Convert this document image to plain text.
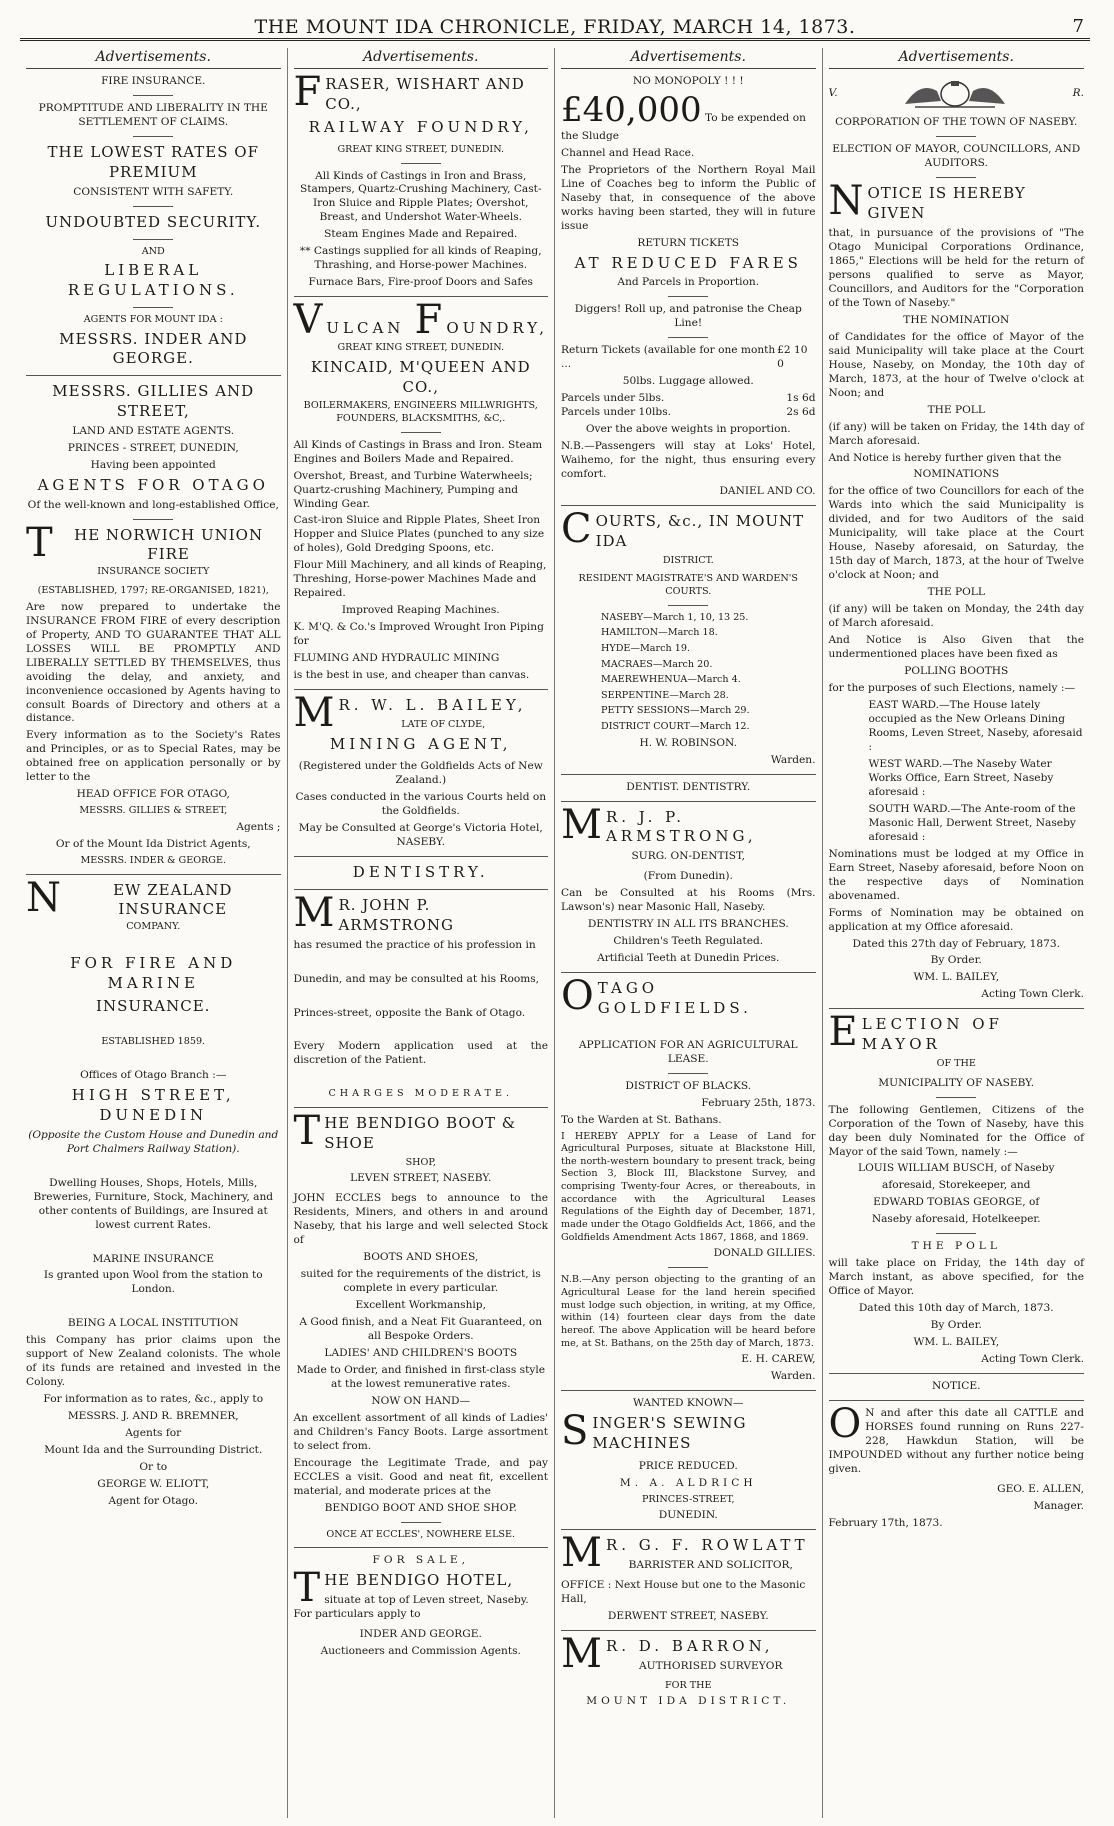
THE MOUNT IDA CHRONICLE, FRIDAY, MARCH 14, 1873.	7
Advertisements.

FIRE INSURANCE.

PROMPTITUDE AND LIBERALITY IN THE SETTLEMENT OF CLAIMS.

THE LOWEST RATES OF PREMIUM

CONSISTENT WITH SAFETY.

UNDOUBTED SECURITY.

AND

LIBERAL REGULATIONS.

AGENTS FOR MOUNT IDA :

MESSRS. INDER AND GEORGE.

MESSRS. GILLIES AND STREET,

LAND AND ESTATE AGENTS.

PRINCES - STREET, DUNEDIN,

Having been appointed

AGENTS FOR OTAGO

Of the well-known and long-established Office,

T HE NORWICH UNION FIRE
INSURANCE SOCIETY

(ESTABLISHED, 1797; RE-ORGANISED, 1821),

Are now prepared to undertake the INSURANCE FROM FIRE of every description of Property, AND TO GUARANTEE THAT ALL LOSSES WILL BE PROMPTLY AND LIBERALLY SETTLED BY THEMSELVES, thus avoiding the delay, and anxiety, and inconvenience occasioned by Agents having to consult Boards of Directory and others at a distance.

Every information as to the Society's Rates and Principles, or as to Special Rates, may be obtained free on application personally or by letter to the

HEAD OFFICE FOR OTAGO,

MESSRS. GILLIES & STREET,

Agents ;

Or of the Mount Ida District Agents,

MESSRS. INDER & GEORGE.

N	EW ZEALAND INSURANCE
COMPANY.

FOR FIRE AND MARINE

INSURANCE.

ESTABLISHED 1859.

Offices of Otago Branch :—

HIGH STREET, DUNEDIN

(Opposite the Custom House and Dunedin and Port Chalmers Railway Station).

Dwelling Houses, Shops, Hotels, Mills, Breweries, Furniture, Stock, Machinery, and other contents of Buildings, are Insured at lowest current Rates.

MARINE INSURANCE

Is granted upon Wool from the station to London.

BEING A LOCAL INSTITUTION

this Company has prior claims upon the support of New Zealand colonists. The whole of its funds are retained and invested in the Colony.

For information as to rates, &c., apply to

MESSRS. J. AND R. BREMNER,

Agents for

Mount Ida and the Surrounding District.

Or to

GEORGE W. ELIOTT,

Agent for Otago.

Advertisements.

FRASER, WISHART AND CO.,

RAILWAY FOUNDRY,

GREAT KING STREET, DUNEDIN.

All Kinds of Castings in Iron and Brass, Stampers, Quartz-Crushing Machinery, Cast-Iron Sluice and Ripple Plates; Overshot, Breast, and Undershot Water-Wheels.

Steam Engines Made and Repaired.

** Castings supplied for all kinds of Reaping, Thrashing, and Horse-power Machines.

Furnace Bars, Fire-proof Doors and Safes

VULCAN F OUNDRY,

GREAT KING STREET, DUNEDIN.

KINCAID, M'QUEEN AND CO.,

BOILERMAKERS, ENGINEERS MILLWRIGHTS, FOUNDERS, BLACKSMITHS, &C,.

All Kinds of Castings in Brass and Iron. Steam Engines and Boilers Made and Repaired.

Overshot, Breast, and Turbine Waterwheels; Quartz-crushing Machinery, Pumping and Winding Gear.

Cast-iron Sluice and Ripple Plates, Sheet Iron Hopper and Sluice Plates (punched to any size of holes), Gold Dredging Spoons, etc.

Flour Mill Machinery, and all kinds of Reaping, Threshing, Horse-power Machines Made and Repaired.

Improved Reaping Machines.

K. M'Q. & Co.'s Improved Wrought Iron Piping for

FLUMING AND HYDRAULIC MINING

is the best in use, and cheaper than canvas.

M R. W. L. BAILEY,

LATE OF CLYDE,

MINING AGENT,

(Registered under the Goldfields Acts of New Zealand.)

Cases conducted in the various Courts held on the Goldfields.

May be Consulted at George's Victoria Hotel, NASEBY.

DENTISTRY.

M R. JOHN P. ARMSTRONG

has resumed the practice of his profession in

Dunedin, and may be consulted at his Rooms,

Princes-street, opposite the Bank of Otago.

Every Modern application used at the discretion of the Patient.

CHARGES MODERATE.

THE BENDIGO BOOT & SHOE

SHOP,

LEVEN STREET, NASEBY.

JOHN ECCLES begs to announce to the Residents, Miners, and others in and around Naseby, that his large and well selected Stock of

BOOTS AND SHOES,

suited for the requirements of the district, is complete in every particular.

Excellent Workmanship,

A Good finish, and a Neat Fit Guaranteed, on all Bespoke Orders.

LADIES' AND CHILDREN'S BOOTS

Made to Order, and finished in first-class style at the lowest remunerative rates.

NOW ON HAND—

An excellent assortment of all kinds of Ladies' and Children's Fancy Boots. Large assortment to select from.

Encourage the Legitimate Trade, and pay ECCLES a visit. Good and neat fit, excellent material, and moderate prices at the

BENDIGO BOOT AND SHOE SHOP.

ONCE AT ECCLES', NOWHERE ELSE.

FOR SALE,

THE BENDIGO HOTEL,

situate at top of Leven street, Naseby. For particulars apply to

INDER AND GEORGE.

Auctioneers and Commission Agents.

Advertisements.

NO MONOPOLY ! ! !

£40,000 To be expended on the Sludge

Channel and Head Race.

The Proprietors of the Northern Royal Mail Line of Coaches beg to inform the Public of Naseby that, in consequence of the above works having been started, they will in future issue

RETURN TICKETS

AT REDUCED FARES

And Parcels in Proportion.

Diggers! Roll up, and patronise the Cheap Line!

Return Tickets (available for one month ...
£2 10 0

50lbs. Luggage allowed.

Parcels under 5lbs.	1s 6d
Parcels under 10lbs.	2s 6d

Over the above weights in proportion.

N.B.—Passengers will stay at Loks' Hotel, Waihemo, for the night, thus ensuring every comfort.

DANIEL AND CO.

COURTS, &c., IN MOUNT IDA

DISTRICT.

RESIDENT MAGISTRATE'S AND WARDEN'S COURTS.

NASEBY—March 1, 10, 13 25.

HAMILTON—March 18.

HYDE—March 19.

MACRAES—March 20.

MAEREWHENUA—March 4.

SERPENTINE—March 28.

PETTY SESSIONS—March 29.

DISTRICT COURT—March 12.

H. W. ROBINSON.

Warden.

DENTIST. DENTISTRY.

M R. J. P. ARMSTRONG,

SURG. ON-DENTIST,

(From Dunedin).

Can be Consulted at his Rooms (Mrs. Lawson's) near Masonic Hall, Naseby.

DENTISTRY IN ALL ITS BRANCHES.

Children's Teeth Regulated.

Artificial Teeth at Dunedin Prices.

OTAGO GOLDFIELDS.

APPLICATION FOR AN AGRICULTURAL LEASE.

DISTRICT OF BLACKS.

February 25th, 1873.

To the Warden at St. Bathans.

I HEREBY APPLY for a Lease of Land for Agricultural Purposes, situate at Blackstone Hill, the north-western boundary to present track, being Section 3, Block III, Blackstone Survey, and comprising Twenty-four Acres, or thereabouts, in accordance with the Agricultural Leases Regulations of the Eighth day of December, 1871, made under the Otago Goldfields Act, 1866, and the Goldfields Amendment Acts 1867, 1868, and 1869.

DONALD GILLIES.

N.B.—Any person objecting to the granting of an Agricultural Lease for the land herein specified must lodge such objection, in writing, at my Office, within (14) fourteen clear days from the date hereof. The above Application will be heard before me, at St. Bathans, on the 25th day of March, 1873.

E. H. CAREW,

Warden.

WANTED KNOWN—

SINGER'S SEWING MACHINES

PRICE REDUCED.

M. A. ALDRICH

PRINCES-STREET,

DUNEDIN.

M R. G. F. ROWLATT

BARRISTER AND SOLICITOR,

OFFICE : Next House but one to the Masonic Hall,

DERWENT STREET, NASEBY.

M R. D. BARRON,

AUTHORISED SURVEYOR

FOR THE

MOUNT IDA DISTRICT.

Advertisements.
V.	R.

CORPORATION OF THE TOWN OF NASEBY.

ELECTION OF MAYOR, COUNCILLORS, AND AUDITORS.

NOTICE IS HEREBY GIVEN

that, in pursuance of the provisions of "The Otago Municipal Corporations Ordinance, 1865," Elections will be held for the return of persons qualified to serve as Mayor, Councillors, and Auditors for the "Corporation of the Town of Naseby."

THE NOMINATION

of Candidates for the office of Mayor of the said Municipality will take place at the Court House, Naseby, on Monday, the 10th day of March, 1873, at the hour of Twelve o'clock at Noon; and

THE POLL

(if any) will be taken on Friday, the 14th day of March aforesaid.

And Notice is hereby further given that the

NOMINATIONS

for the office of two Councillors for each of the Wards into which the said Municipality is divided, and for two Auditors of the said Municipality, will take place at the Court House, Naseby aforesaid, on Saturday, the 15th day of March, 1873, at the hour of Twelve o'clock at Noon; and

THE POLL

(if any) will be taken on Monday, the 24th day of March aforesaid.

And Notice is Also Given that the undermentioned places have been fixed as

POLLING BOOTHS

for the purposes of such Elections, namely :—

EAST WARD.—The House lately occupied as the New Orleans Dining Rooms, Leven Street, Naseby, aforesaid :

WEST WARD.—The Naseby Water Works Office, Earn Street, Naseby aforesaid :

SOUTH WARD.—The Ante-room of the Masonic Hall, Derwent Street, Naseby aforesaid :

Nominations must be lodged at my Office in Earn Street, Naseby aforesaid, before Noon on the respective days of Nomination abovenamed.

Forms of Nomination may be obtained on application at my Office aforesaid.

Dated this 27th day of February, 1873.

By Order.

WM. L. BAILEY,

Acting Town Clerk.

ELECTION OF MAYOR

OF THE

MUNICIPALITY OF NASEBY.

The following Gentlemen, Citizens of the Corporation of the Town of Naseby, have this day been duly Nominated for the Office of Mayor of the said Town, namely :—

LOUIS WILLIAM BUSCH, of Naseby

aforesaid, Storekeeper, and

EDWARD TOBIAS GEORGE, of

Naseby aforesaid, Hotelkeeper.

THE POLL

will take place on Friday, the 14th day of March instant, as above specified, for the Office of Mayor.

Dated this 10th day of March, 1873.

By Order.

WM. L. BAILEY,

Acting Town Clerk.

NOTICE.

O N and after this date all CATTLE and HORSES found running on Runs 227-228, Hawkdun Station, will be IMPOUNDED without any further notice being given.

GEO. E. ALLEN,

Manager.

February 17th, 1873.
